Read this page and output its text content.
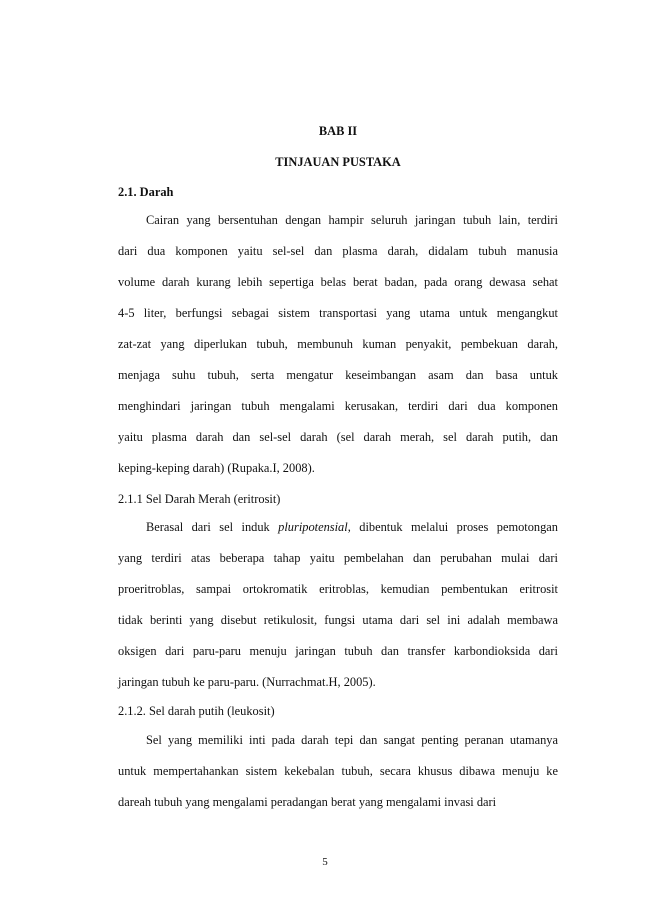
BAB II
TINJAUAN PUSTAKA
2.1. Darah
Cairan yang bersentuhan dengan hampir seluruh jaringan tubuh lain, terdiri
dari dua komponen yaitu sel-sel dan plasma darah, didalam tubuh manusia
volume darah kurang lebih sepertiga belas berat badan, pada orang dewasa sehat
4-5 liter, berfungsi sebagai sistem transportasi yang utama untuk mengangkut
zat-zat yang diperlukan tubuh, membunuh kuman penyakit, pembekuan darah,
menjaga suhu tubuh, serta mengatur keseimbangan asam dan basa untuk
menghindari jaringan tubuh mengalami kerusakan, terdiri dari dua komponen
yaitu plasma darah dan sel-sel darah (sel darah merah, sel darah putih, dan
keping-keping darah) (Rupaka.I, 2008).
2.1.1 Sel Darah Merah (eritrosit)
Berasal dari sel induk pluripotensial, dibentuk melalui proses pemotongan
yang terdiri atas beberapa tahap yaitu pembelahan dan perubahan mulai dari
proeritroblas, sampai ortokromatik eritroblas, kemudian pembentukan eritrosit
tidak berinti yang disebut retikulosit, fungsi utama dari sel ini adalah membawa
oksigen dari paru-paru menuju jaringan tubuh dan transfer karbondioksida dari
jaringan tubuh ke paru-paru. (Nurrachmat.H, 2005).
2.1.2. Sel darah putih (leukosit)
Sel yang memiliki inti pada darah tepi dan sangat penting peranan utamanya
untuk mempertahankan sistem kekebalan tubuh, secara khusus dibawa menuju ke
dareah tubuh yang mengalami peradangan berat yang mengalami invasi dari
5
